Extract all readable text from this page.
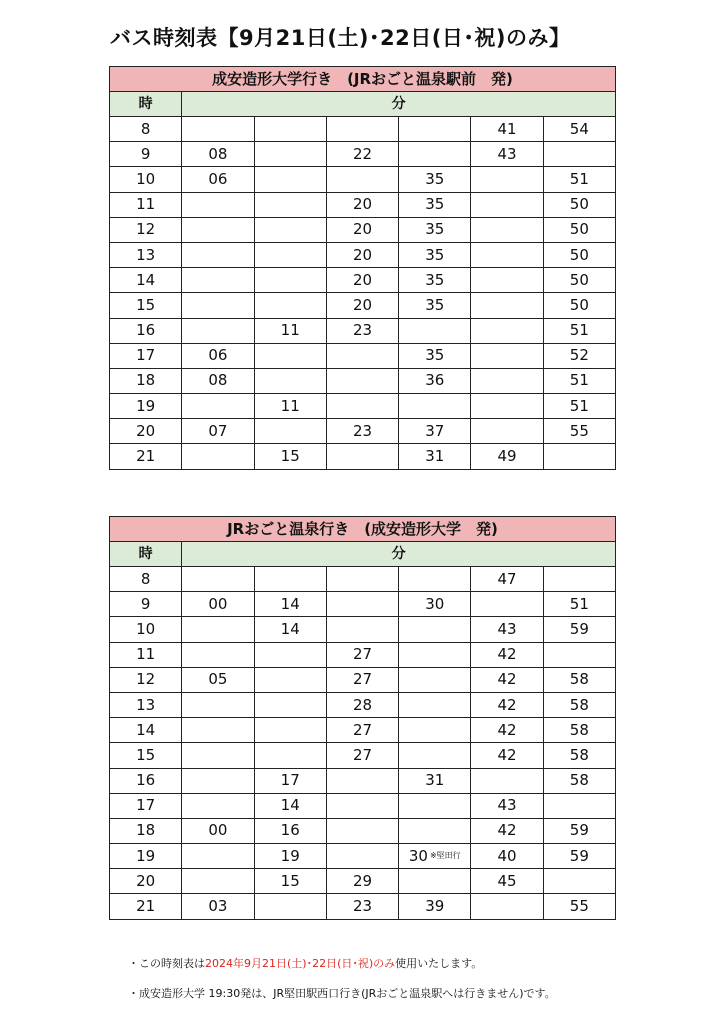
バス時刻表【9月21日(土)･22日(日･祝)のみ】
成安造形大学行き　(JRおごと温泉駅前　発)						
時	分					
8					41	54
9	08		22		43	
10	06			35		51
11			20	35		50
12			20	35		50
13			20	35		50
14			20	35		50
15			20	35		50
16		11	23			51
17	06			35		52
18	08			36		51
19		11				51
20	07		23	37		55
21		15		31	49	
JRおごと温泉行き　(成安造形大学　発)						
時	分					
8					47	
9	00	14		30		51
10		14			43	59
11			27		42	
12	05		27		42	58
13			28		42	58
14			27		42	58
15			27		42	58
16		17		31		58
17		14			43	
18	00	16			42	59
19		19		30 ※堅田行	40	59
20		15	29		45	
21	03		23	39		55
・この時刻表は2024年9月21日(土)･22日(日･祝)のみ使用いたします。
・成安造形大学 19:30発は、JR堅田駅西口行き(JRおごと温泉駅へは行きません)です。
